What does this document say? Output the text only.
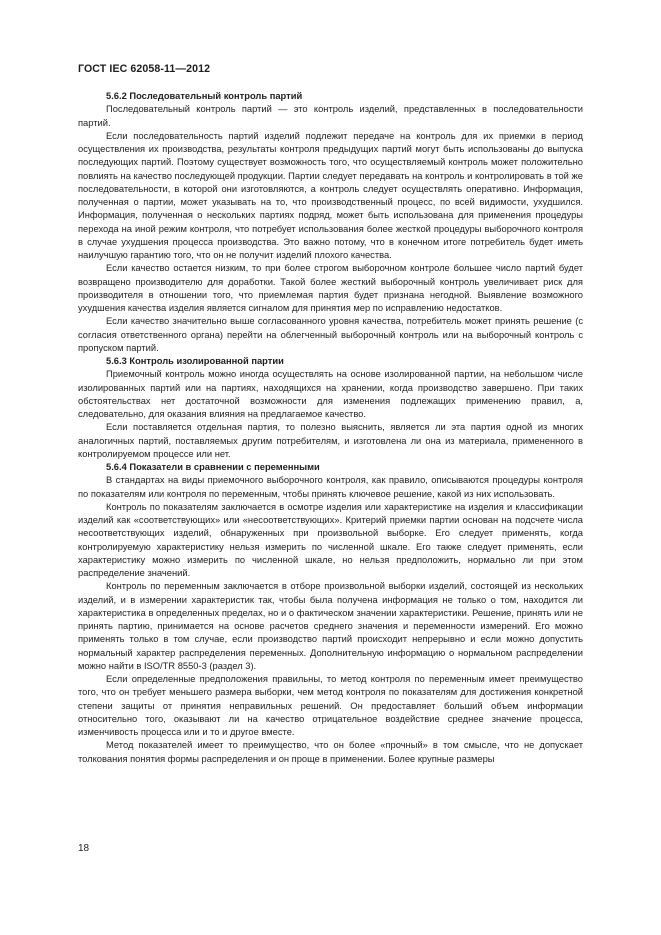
ГОСТ IEC 62058-11—2012
5.6.2 Последовательный контроль партий

Последовательный контроль партий — это контроль изделий, представленных в последовательности партий.

Если последовательность партий изделий подлежит передаче на контроль для их приемки в период осуществления их производства, результаты контроля предыдущих партий могут быть использованы до выпуска последующих партий. Поэтому существует возможность того, что осуществляемый контроль может положительно повлиять на качество последующей продукции. Партии следует передавать на контроль и контролировать в той же последовательности, в которой они изготовляются, а контроль следует осуществлять оперативно. Информация, полученная о партии, может указывать на то, что производственный процесс, по всей видимости, ухудшился. Информация, полученная о нескольких партиях подряд, может быть использована для применения процедуры перехода на иной режим контроля, что потребует использования более жесткой процедуры выборочного контроля в случае ухудшения процесса производства. Это важно потому, что в конечном итоге потребитель будет иметь наилучшую гарантию того, что он не получит изделий плохого качества.

Если качество остается низким, то при более строгом выборочном контроле большее число партий будет возвращено производителю для доработки. Такой более жесткий выборочный контроль увеличивает риск для производителя в отношении того, что приемлемая партия будет признана негодной. Выявление возможного ухудшения качества изделия является сигналом для принятия мер по исправлению недостатков.

Если качество значительно выше согласованного уровня качества, потребитель может принять решение (с согласия ответственного органа) перейти на облегченный выборочный контроль или на выборочный контроль с пропуском партий.

5.6.3 Контроль изолированной партии

Приемочный контроль можно иногда осуществлять на основе изолированной партии, на небольшом числе изолированных партий или на партиях, находящихся на хранении, когда производство завершено. При таких обстоятельствах нет достаточной возможности для изменения подлежащих применению правил, а, следовательно, для оказания влияния на предлагаемое качество.

Если поставляется отдельная партия, то полезно выяснить, является ли эта партия одной из многих аналогичных партий, поставляемых другим потребителям, и изготовлена ли она из материала, примененного в контролируемом процессе или нет.

5.6.4 Показатели в сравнении с переменными

В стандартах на виды приемочного выборочного контроля, как правило, описываются процедуры контроля по показателям или контроля по переменным, чтобы принять ключевое решение, какой из них использовать.

Контроль по показателям заключается в осмотре изделия или характеристике на изделия и классификации изделий как «соответствующих» или «несоответствующих». Критерий приемки партии основан на подсчете числа несоответствующих изделий, обнаруженных при произвольной выборке. Его следует применять, когда контролируемую характеристику нельзя измерить по численной шкале. Его также следует применять, если характеристику можно измерить по численной шкале, но нельзя предположить, нормально ли при этом распределение значений.

Контроль по переменным заключается в отборе произвольной выборки изделий, состоящей из нескольких изделий, и в измерении характеристик так, чтобы была получена информация не только о том, находится ли характеристика в определенных пределах, но и о фактическом значении характеристики. Решение, принять или не принять партию, принимается на основе расчетов среднего значения и переменности измерений. Его можно применять только в том случае, если производство партий происходит непрерывно и если можно допустить нормальный характер распределения переменных. Дополнительную информацию о нормальном распределении можно найти в ISO/TR 8550-3 (раздел 3).

Если определенные предположения правильны, то метод контроля по переменным имеет преимущество того, что он требует меньшего размера выборки, чем метод контроля по показателям для достижения конкретной степени защиты от принятия неправильных решений. Он предоставляет больший объем информации относительно того, оказывают ли на качество отрицательное воздействие среднее значение процесса, изменчивость процесса или и то и другое вместе.

Метод показателей имеет то преимущество, что он более «прочный» в том смысле, что не допускает толкования понятия формы распределения и он проще в применении. Более крупные размеры

18
